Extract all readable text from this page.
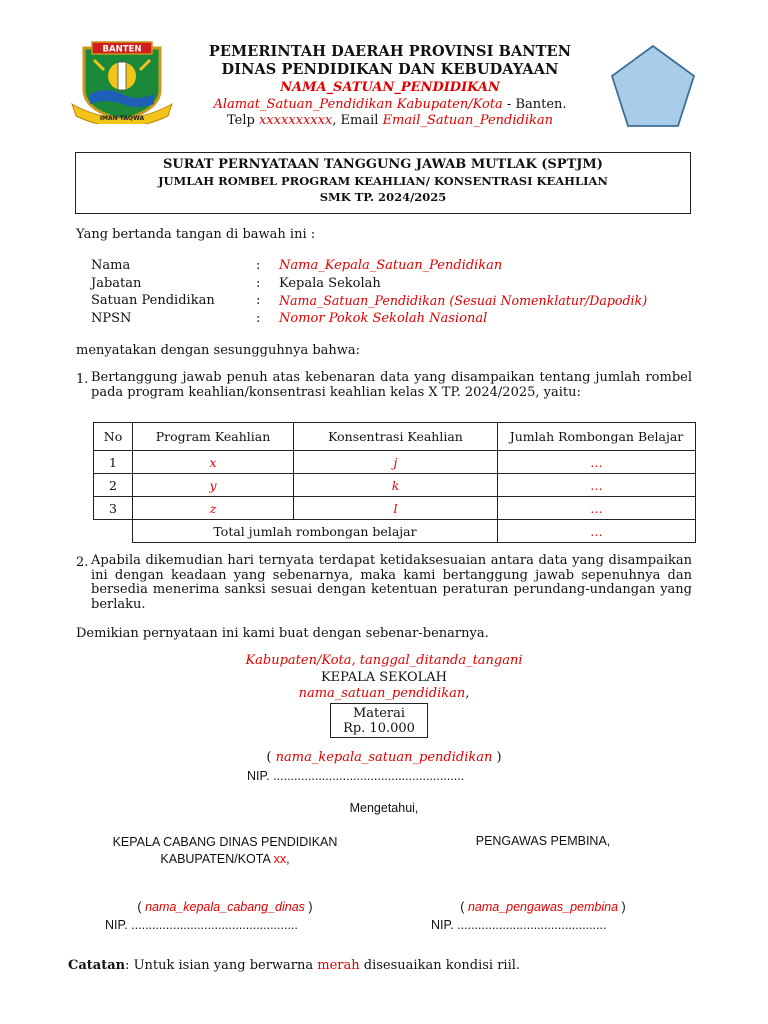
BANTEN
IMAN TAQWA
PEMERINTAH DAERAH PROVINSI BANTEN
DINAS PENDIDIKAN DAN KEBUDAYAAN
NAMA_SATUAN_PENDIDIKAN
Alamat_Satuan_Pendidikan Kabupaten/Kota - Banten.
Telp xxxxxxxxxx, Email Email_Satuan_Pendidikan
SURAT PERNYATAAN TANGGUNG JAWAB MUTLAK (SPTJM)
JUMLAH ROMBEL PROGRAM KEAHLIAN/ KONSENTRASI KEAHLIAN
SMK TP. 2024/2025
Yang bertanda tangan di bawah ini :
Nama	: Nama_Kepala_Satuan_Pendidikan
Jabatan	: Kepala Sekolah
Satuan Pendidikan	: Nama_Satuan_Pendidikan (Sesuai Nomenklatur/Dapodik)
NPSN	: Nomor Pokok Sekolah Nasional
menyatakan dengan sesungguhnya bahwa:
1. Bertanggung jawab penuh atas kebenaran data yang disampaikan tentang jumlah rombel pada program keahlian/konsentrasi keahlian kelas X TP. 2024/2025, yaitu:
No	Program Keahlian	Konsentrasi Keahlian	Jumlah Rombongan Belajar
1	x	j	…
2	y	k	…
3	z	l	…
	Total jumlah rombongan belajar		…
2. Apabila dikemudian hari ternyata terdapat ketidaksesuaian antara data yang disampaikan ini dengan keadaan yang sebenarnya, maka kami bertanggung jawab sepenuhnya dan bersedia menerima sanksi sesuai dengan ketentuan peraturan perundang-undangan yang berlaku.
Demikian pernyataan ini kami buat dengan sebenar-benarnya.
Kabupaten/Kota, tanggal_ditanda_tangani
KEPALA SEKOLAH
nama_satuan_pendidikan,
Materai
Rp. 10.000
( nama_kepala_satuan_pendidikan )
NIP. .......................................................
Mengetahui,
KEPALA CABANG DINAS PENDIDIKAN
KABUPATEN/KOTA xx,
PENGAWAS PEMBINA,
( nama_kepala_cabang_dinas )	( nama_pengawas_pembina )
NIP. ................................................	NIP. ...........................................
Catatan: Untuk isian yang berwarna merah disesuaikan kondisi riil.
